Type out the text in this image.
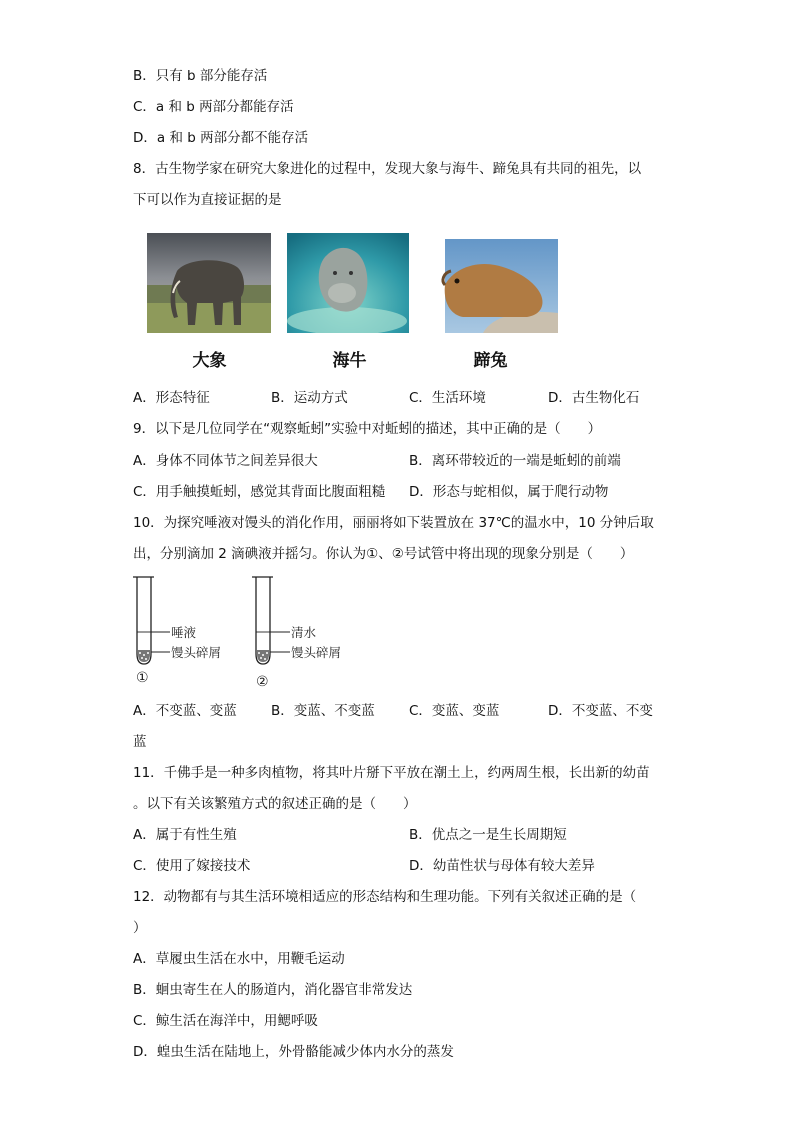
B．只有 b 部分能存活
C．a 和 b 两部分都能存活
D．a 和 b 两部分都不能存活
8．古生物学家在研究大象进化的过程中，发现大象与海牛、蹄兔具有共同的祖先，以
下可以作为直接证据的是
大象	海牛	蹄兔
A．形态特征	B．运动方式	C．生活环境	D．古生物化石
9．以下是几位同学在“观察蚯蚓”实验中对蚯蚓的描述，其中正确的是（　　）
A．身体不同体节之间差异很大	B．离环带较近的一端是蚯蚓的前端
C．用手触摸蚯蚓，感觉其背面比腹面粗糙 D．形态与蛇相似，属于爬行动物
10．为探究唾液对馒头的消化作用，丽丽将如下装置放在 37℃的温水中，10 分钟后取
出，分别滴加 2 滴碘液并摇匀。你认为①、②号试管中将出现的现象分别是（　　）
唾液
馒头碎屑
①
清水
馒头碎屑
②
A．不变蓝、变蓝	B．变蓝、不变蓝	C．变蓝、变蓝	D．不变蓝、不变
蓝
11．千佛手是一种多肉植物，将其叶片掰下平放在潮土上，约两周生根，长出新的幼苗
。以下有关该繁殖方式的叙述正确的是（　　）
A．属于有性生殖	B．优点之一是生长周期短
C．使用了嫁接技术	D．幼苗性状与母体有较大差异
12．动物都有与其生活环境相适应的形态结构和生理功能。下列有关叙述正确的是（
）
A．草履虫生活在水中，用鞭毛运动
B．蛔虫寄生在人的肠道内，消化器官非常发达
C．鲸生活在海洋中，用鳃呼吸
D．蝗虫生活在陆地上，外骨骼能减少体内水分的蒸发
